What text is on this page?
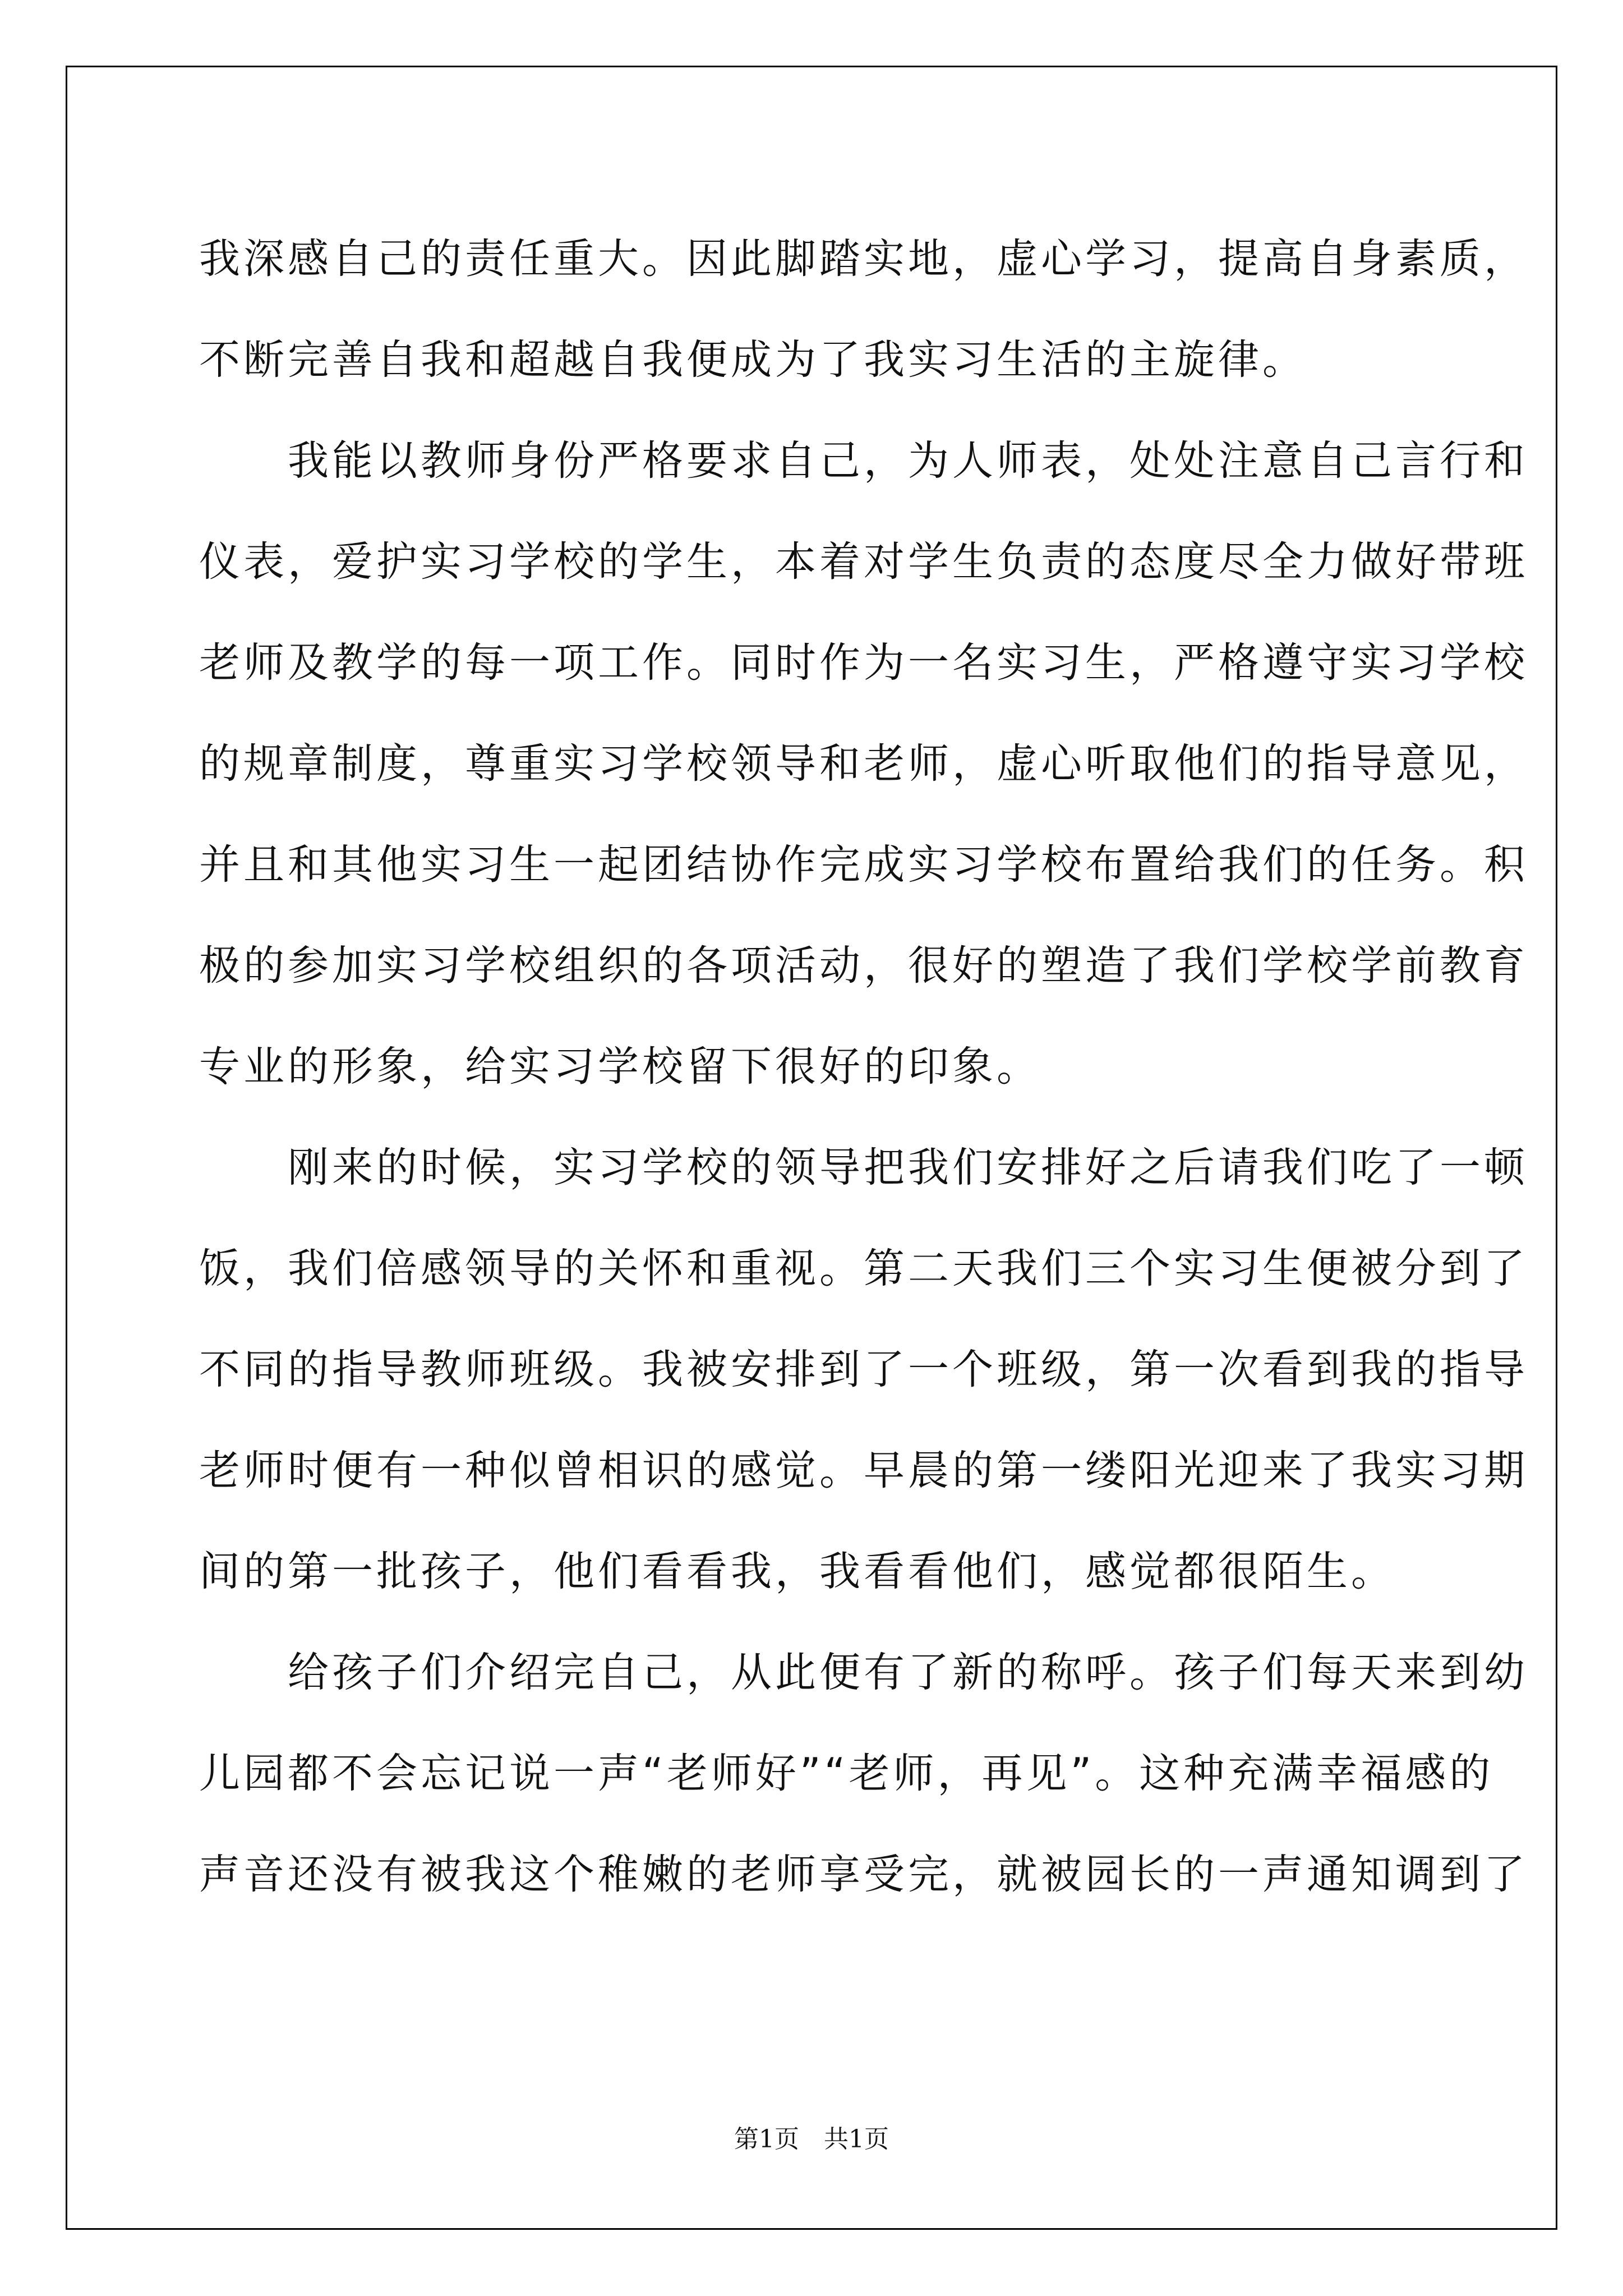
我深感自己的责任重大。因此脚踏实地，虚心学习，提高自身素质，
不断完善自我和超越自我便成为了我实习生活的主旋律。
　　我能以教师身份严格要求自己，为人师表，处处注意自己言行和
仪表，爱护实习学校的学生，本着对学生负责的态度尽全力做好带班
老师及教学的每一项工作。同时作为一名实习生，严格遵守实习学校
的规章制度，尊重实习学校领导和老师，虚心听取他们的指导意见，
并且和其他实习生一起团结协作完成实习学校布置给我们的任务。积
极的参加实习学校组织的各项活动，很好的塑造了我们学校学前教育
专业的形象，给实习学校留下很好的印象。
　　刚来的时候，实习学校的领导把我们安排好之后请我们吃了一顿
饭，我们倍感领导的关怀和重视。第二天我们三个实习生便被分到了
不同的指导教师班级。我被安排到了一个班级，第一次看到我的指导
老师时便有一种似曾相识的感觉。早晨的第一缕阳光迎来了我实习期
间的第一批孩子，他们看看我，我看看他们，感觉都很陌生。
　　给孩子们介绍完自己，从此便有了新的称呼。孩子们每天来到幼
儿园都不会忘记说一声“老师好”“老师，再见”。这种充满幸福感的
声音还没有被我这个稚嫩的老师享受完，就被园长的一声通知调到了
第1页　共1页
